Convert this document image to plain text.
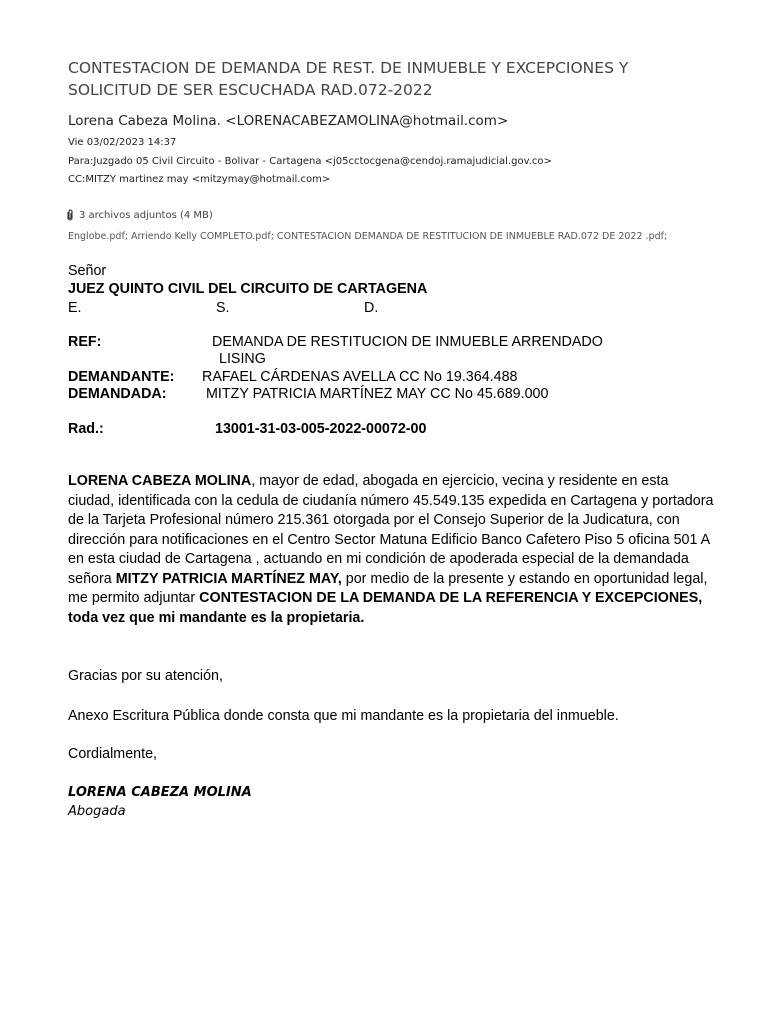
CONTESTACION DE DEMANDA DE REST. DE INMUEBLE Y EXCEPCIONES Y SOLICITUD DE SER ESCUCHADA RAD.072-2022
Lorena Cabeza Molina. <LORENACABEZAMOLINA@hotmail.com>
Vie 03/02/2023 14:37
Para:Juzgado 05 Civil Circuito - Bolivar - Cartagena <j05cctocgena@cendoj.ramajudicial.gov.co>
CC:MITZY martinez may <mitzymay@hotmail.com>
3 archivos adjuntos (4 MB)
Englobe.pdf; Arriendo Kelly COMPLETO.pdf; CONTESTACION DEMANDA DE RESTITUCION DE INMUEBLE RAD.072 DE 2022 .pdf;
Señor
JUEZ QUINTO CIVIL DEL CIRCUITO DE CARTAGENA
E.	S.	D.
REF:	DEMANDA DE RESTITUCION DE INMUEBLE ARRENDADO
LISING
DEMANDANTE: RAFAEL CÁRDENAS AVELLA CC No 19.364.488
DEMANDADA:	MITZY PATRICIA MARTÍNEZ MAY CC No 45.689.000
Rad.:	13001-31-03-005-2022-00072-00

LORENA CABEZA MOLINA, mayor de edad, abogada en ejercicio, vecina y residente en esta ciudad, identificada con la cedula de ciudanía número 45.549.135 expedida en Cartagena y portadora de la Tarjeta Profesional número 215.361 otorgada por el Consejo Superior de la Judicatura, con dirección para notificaciones en el Centro Sector Matuna Edificio Banco Cafetero Piso 5 oficina 501 A en esta ciudad de Cartagena , actuando en mi condición de apoderada especial de la demandada señora MITZY PATRICIA MARTÍNEZ MAY, por medio de la presente y estando en oportunidad legal, me permito adjuntar CONTESTACION DE LA DEMANDA DE LA REFERENCIA Y EXCEPCIONES, toda vez que mi mandante es la propietaria.

Gracias por su atención,
Anexo Escritura Pública donde consta que mi mandante es la propietaria del inmueble.
Cordialmente,
LORENA CABEZA MOLINA
Abogada
